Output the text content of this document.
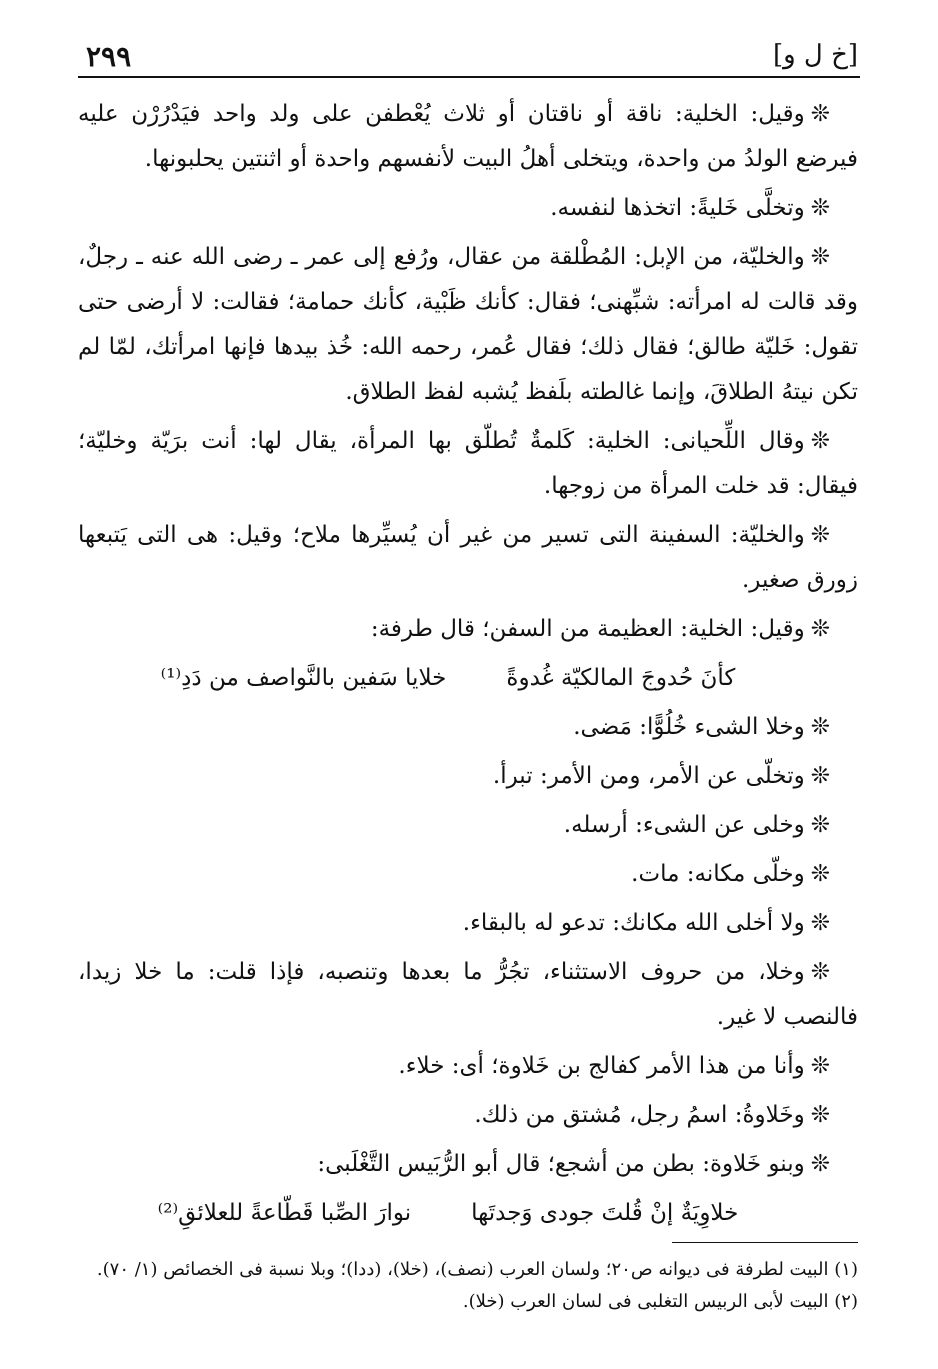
٢٩٩	[خ ل و]

❊وقيل: الخلية: ناقة أو ناقتان أو ثلاث يُعْطفن على ولد واحد فيَدْرُرْن عليه فيرضع الولدُ من واحدة، ويتخلى أهلُ البيت لأنفسهم واحدة أو اثنتين يحلبونها.

❊وتخلَّى خَليةً: اتخذها لنفسه.

❊والخليّة، من الإبل: المُطْلقة من عقال، ورُفع إلى عمر ـ رضى الله عنه ـ رجلٌ، وقد قالت له امرأته: شبِّهنى؛ فقال: كأنك ظَبْية، كأنك حمامة؛ فقالت: لا أرضى حتى تقول: خَليّة طالق؛ فقال ذلك؛ فقال عُمر، رحمه الله: خُذ بيدها فإنها امرأتك، لمّا لم تكن نيتهُ الطلاقَ، وإنما غالطته بلَفظ يُشبه لفظ الطلاق.

❊وقال اللِّحيانى: الخلية: كَلمةٌ تُطلّق بها المرأة، يقال لها: أنت برَيّة وخليّة؛ فيقال: قد خلت المرأة من زوجها.

❊والخليّة: السفينة التى تسير من غير أن يُسيِّرها ملاح؛ وقيل: هى التى يَتبعها زورق صغير.

❊وقيل: الخلية: العظيمة من السفن؛ قال طرفة:

كأنَ حُدوجَ المالكيّة غُدوةً
خلايا سَفين بالنَّواصف من دَدِ⁽¹⁾

❊وخلا الشىء خُلُوًّا: مَضى.

❊وتخلّى عن الأمر، ومن الأمر: تبرأ.

❊وخلى عن الشىء: أرسله.

❊وخلّى مكانه: مات.

❊ولا أخلى الله مكانك: تدعو له بالبقاء.

❊وخلا، من حروف الاستثناء، تجُرُّ ما بعدها وتنصبه، فإذا قلت: ما خلا زيدا، فالنصب لا غير.

❊وأنا من هذا الأمر كفالج بن خَلاوة؛ أى: خلاء.

❊وخَلاوةُ: اسمُ رجل، مُشتق من ذلك.

❊وبنو خَلاوة: بطن من أشجع؛ قال أبو الرُّبَيس التَّغْلَبى:

خلاوِيَةٌ إنْ قُلتَ جودى وَجدتَها
نوارَ الصِّبا قَطّاعةً للعلائقِ⁽²⁾
(١) البيت لطرفة فى ديوانه ص٢٠؛ ولسان العرب (نصف)، (خلا)، (ددا)؛ وبلا نسبة فى الخصائص (١/ ٧٠).
(٢) البيت لأبى الربيس التغلبى فى لسان العرب (خلا).
